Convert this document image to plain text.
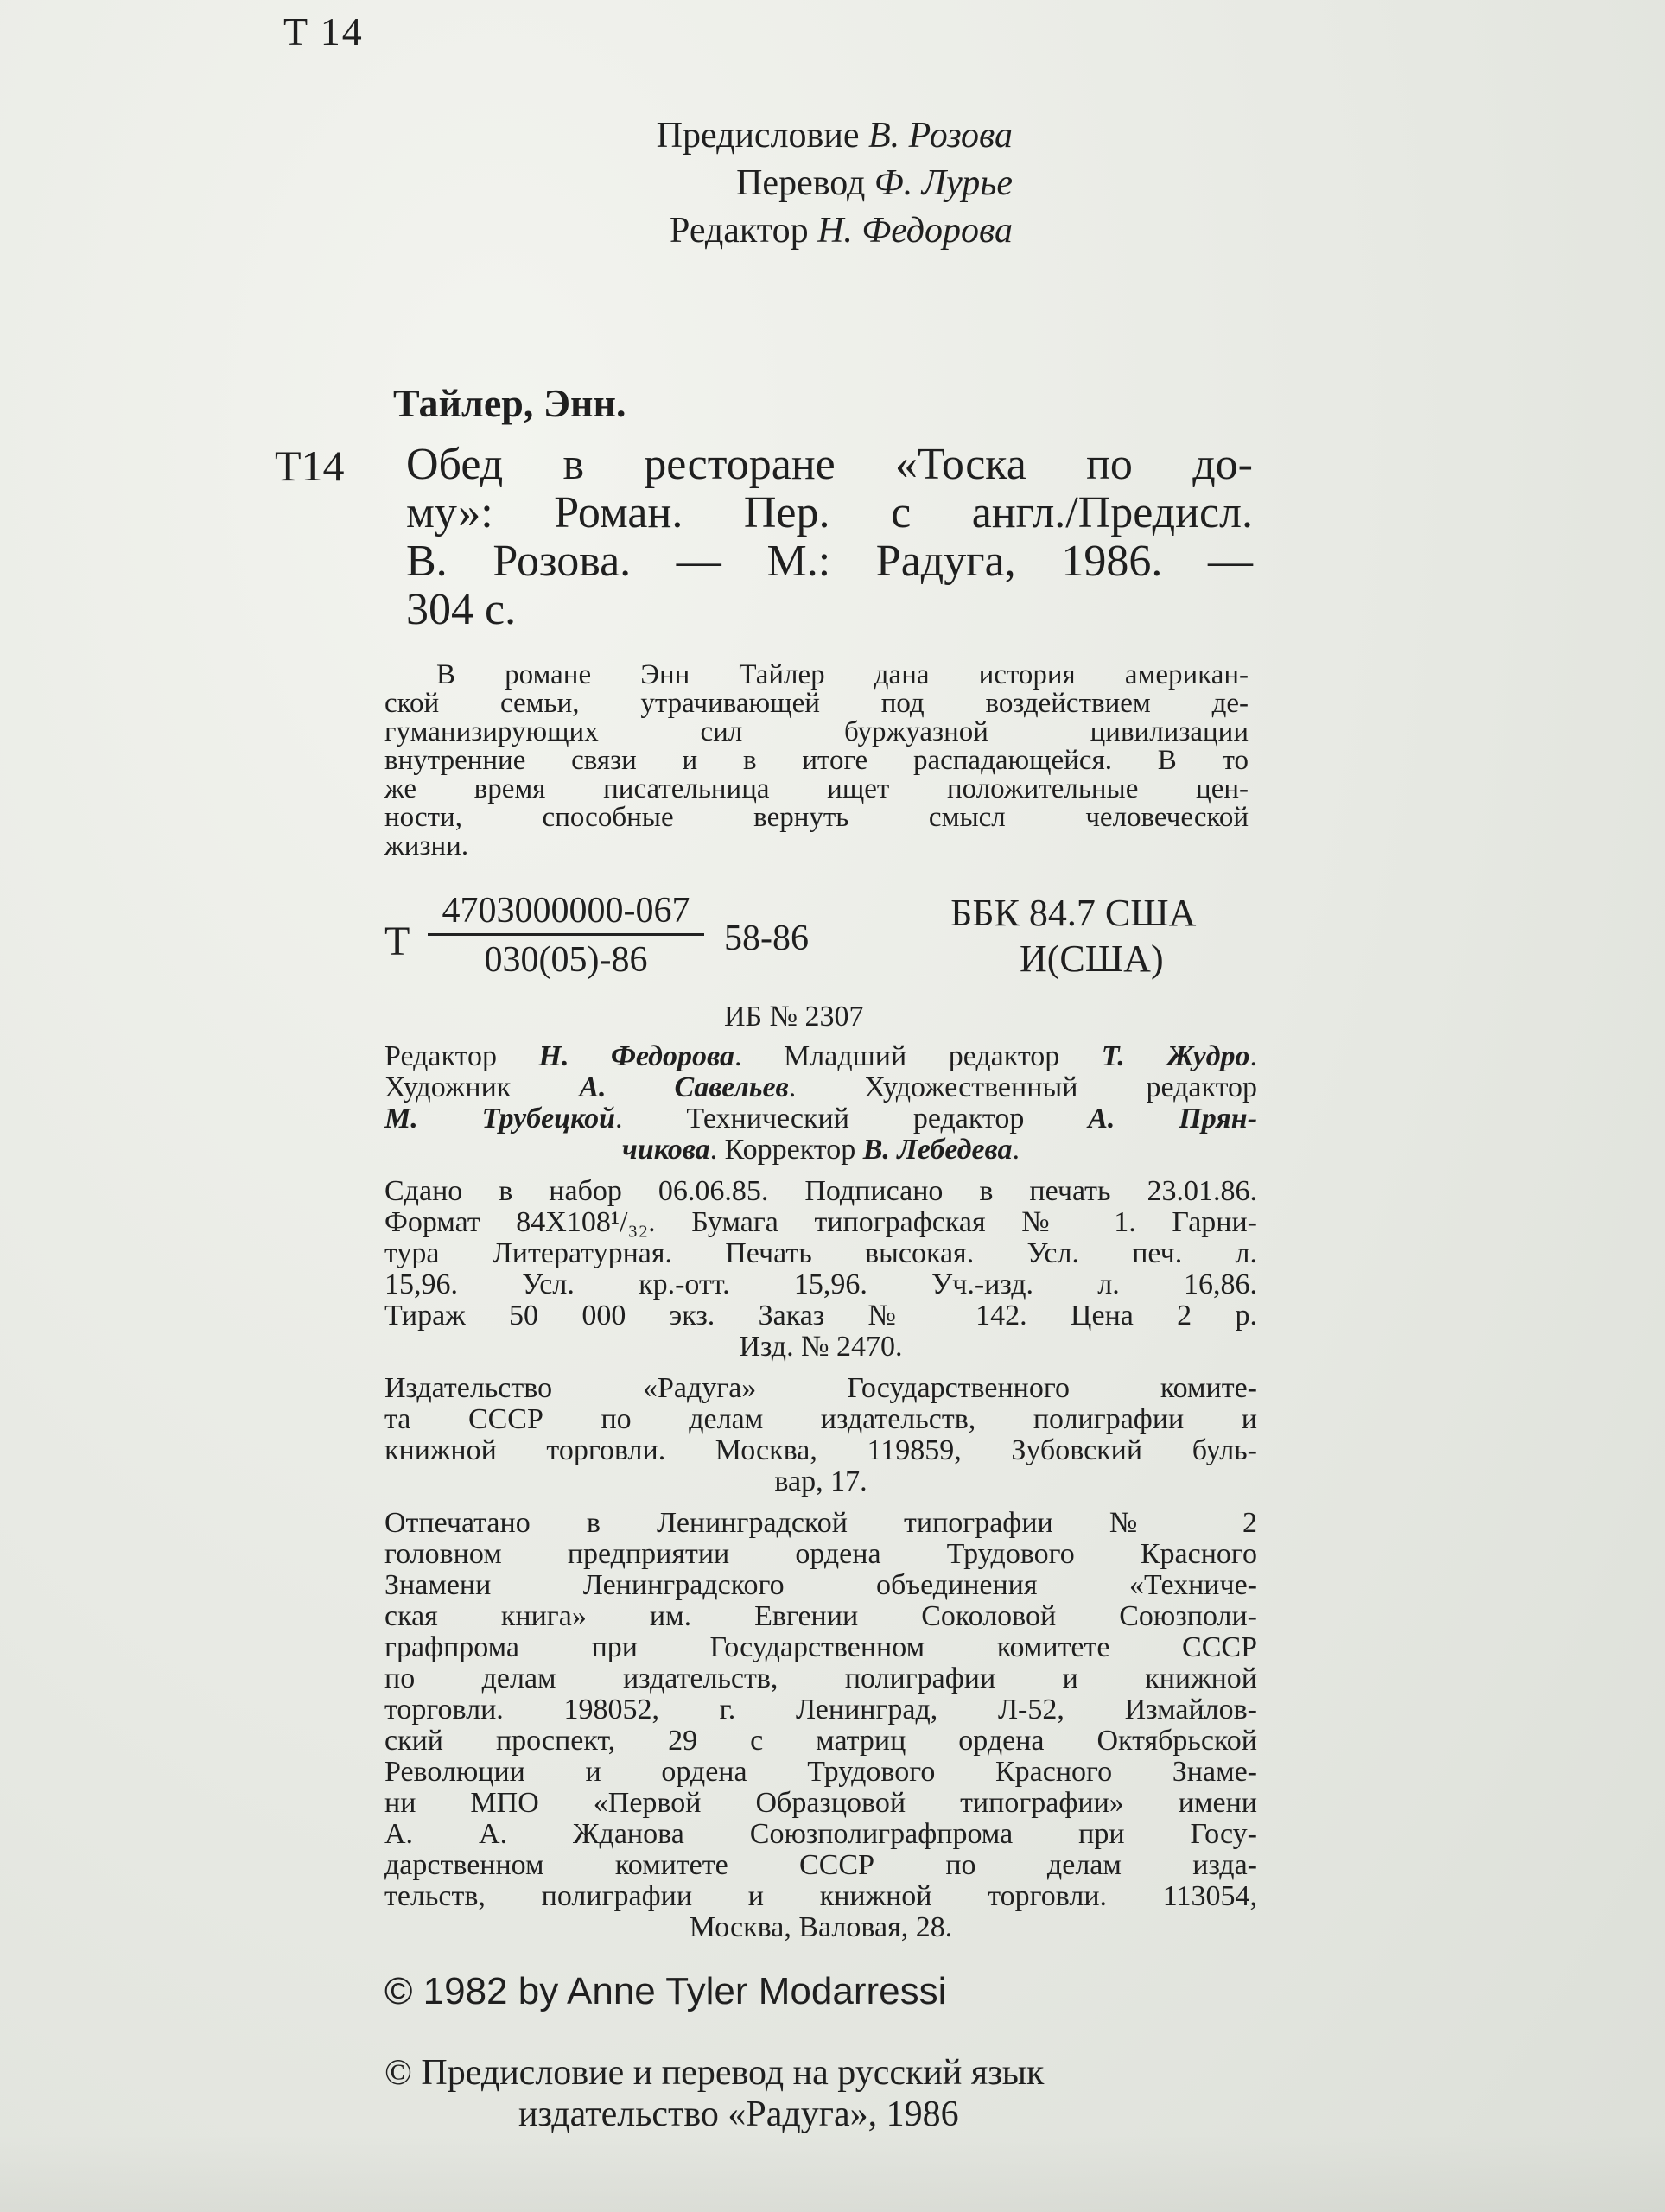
T 14
Предисловие В. Розова
Перевод Ф. Лурье
Редактор Н. Федорова
Тайлер, Энн.
Т14 Обед в ресторане «Тоска по до-
му»: Роман. Пер. с англ./Предисл.
В. Розова. — М.: Радуга, 1986. —
304 с.
В романе Энн Тайлер дана история американ-
ской семьи, утрачивающей под воздействием де-
гуманизирующих сил буржуазной цивилизации
внутренние связи и в итоге распадающейся. В то
же время писательница ищет положительные цен-
ности, способные вернуть смысл человеческой
жизни.
Т
4703000000-067
030(05)-86
58-86
ББК 84.7 США
И(США)
ИБ № 2307
Редактор Н. Федорова. Младший редактор Т. Жудро.
Художник А. Савельев. Художественный редактор
М. Трубецкой. Технический редактор А. Прян-
чикова. Корректор В. Лебедева.
Сдано в набор 06.06.85. Подписано в печать 23.01.86.
Формат 84Х108¹/₃₂. Бумага типографская № 1. Гарни-
тура Литературная. Печать высокая. Усл. печ. л.
15,96. Усл. кр.-отт. 15,96. Уч.-изд. л. 16,86.
Тираж 50 000 экз. Заказ № 142. Цена 2 р.
Изд. № 2470.
Издательство «Радуга» Государственного комите-
та СССР по делам издательств, полиграфии и
книжной торговли. Москва, 119859, Зубовский буль-
вар, 17.
Отпечатано в Ленинградской типографии № 2
головном предприятии ордена Трудового Красного
Знамени Ленинградского объединения «Техниче-
ская книга» им. Евгении Соколовой Союзполи-
графпрома при Государственном комитете СССР
по делам издательств, полиграфии и книжной
торговли. 198052, г. Ленинград, Л-52, Измайлов-
ский проспект, 29 с матриц ордена Октябрьской
Революции и ордена Трудового Красного Знаме-
ни МПО «Первой Образцовой типографии» имени
А. А. Жданова Союзполиграфпрома при Госу-
дарственном комитете СССР по делам изда-
тельств, полиграфии и книжной торговли. 113054,
Москва, Валовая, 28.
© 1982 by Anne Tyler Modarressi
© Предисловие и перевод на русский язык
издательство «Радуга», 1986
